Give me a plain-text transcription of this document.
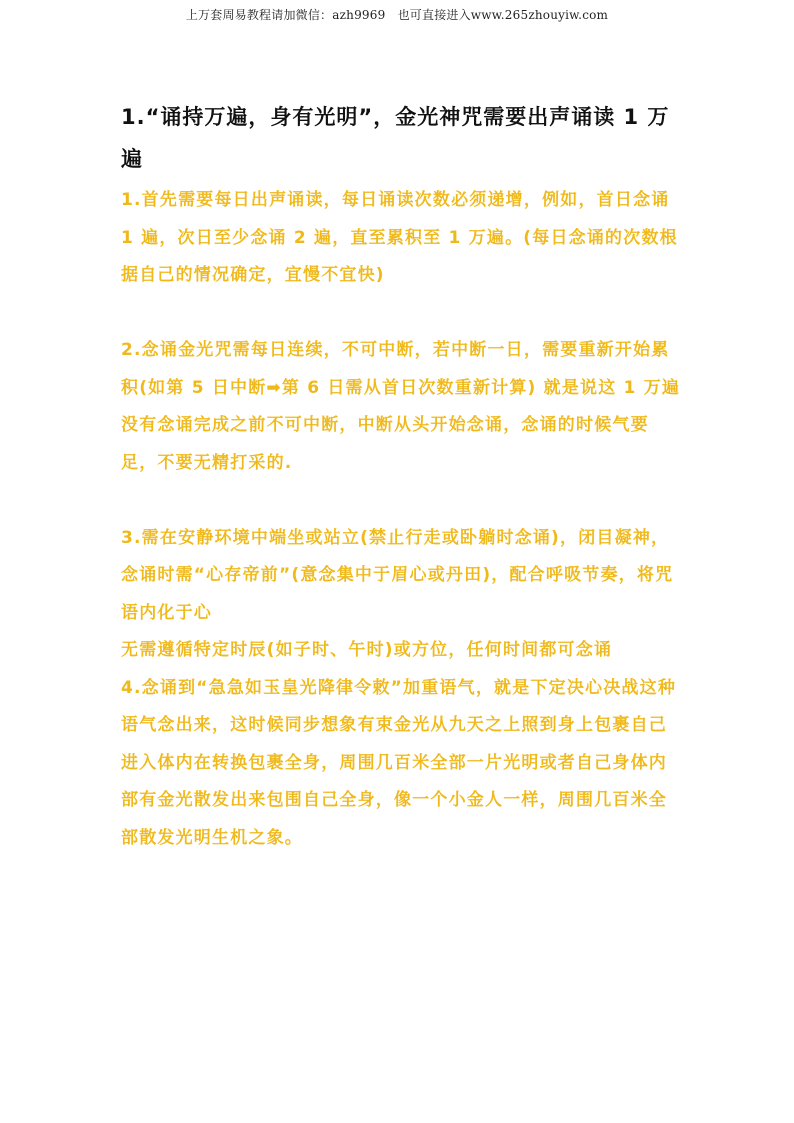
上万套周易教程请加微信：azh9969　也可直接进入www.265zhouyiw.com
1.“诵持万遍，身有光明”，金光神咒需要出声诵读 1 万遍

1.首先需要每日出声诵读，每日诵读次数必须递增，例如，首日念诵 1 遍，次日至少念诵 2 遍，直至累积至 1 万遍。(每日念诵的次数根据自己的情况确定，宜慢不宜快)

2.念诵金光咒需每日连续，不可中断，若中断一日，需要重新开始累积(如第 5 日中断➡第 6 日需从首日次数重新计算) 就是说这 1 万遍没有念诵完成之前不可中断，中断从头开始念诵，念诵的时候气要足，不要无精打采的.

3.需在安静环境中端坐或站立(禁止行走或卧躺时念诵)，闭目凝神，念诵时需“心存帝前”(意念集中于眉心或丹田)，配合呼吸节奏，将咒语内化于心

无需遵循特定时辰(如子时、午时)或方位，任何时间都可念诵

4.念诵到“急急如玉皇光降律令敕”加重语气，就是下定决心决战这种语气念出来，这时候同步想象有束金光从九天之上照到身上包裹自己进入体内在转换包裹全身，周围几百米全部一片光明或者自己身体内部有金光散发出来包围自己全身，像一个小金人一样，周围几百米全部散发光明生机之象。
